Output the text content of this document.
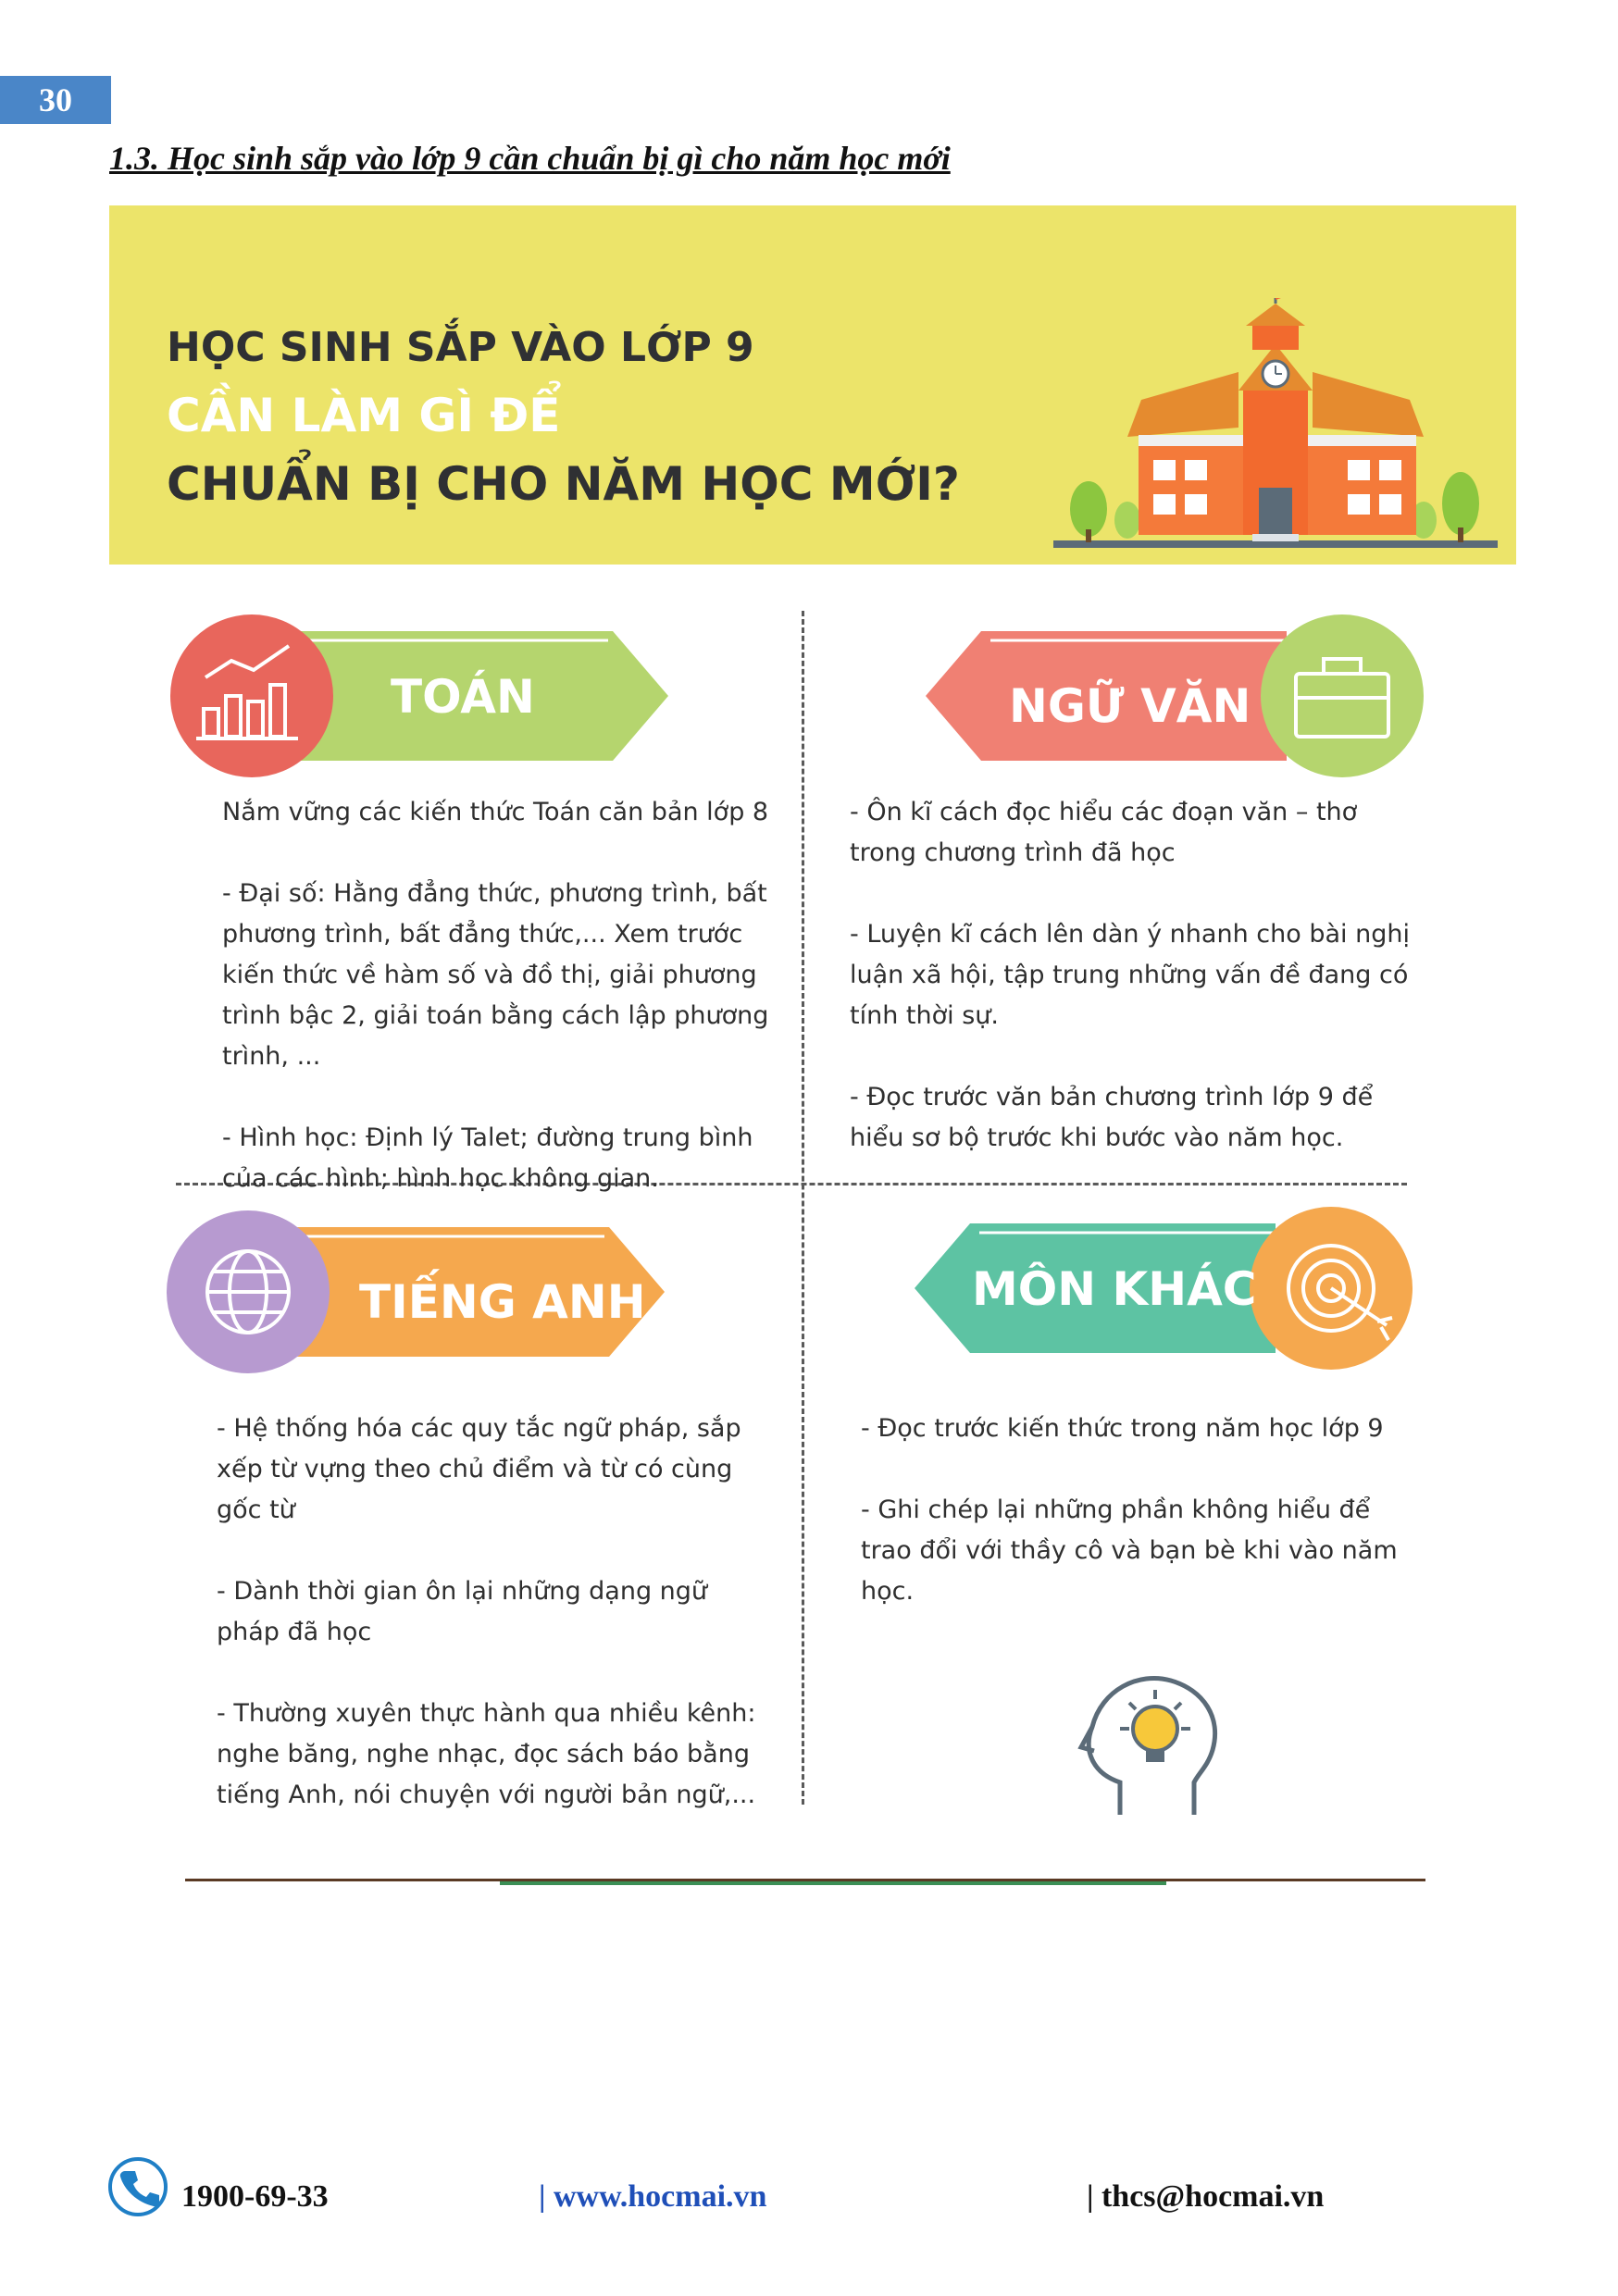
30
1.3. Học sinh sắp vào lớp 9 cần chuẩn bị gì cho năm học mới
HỌC SINH SẮP VÀO LỚP 9
CẦN LÀM GÌ ĐỂ
CHUẨN BỊ CHO NĂM HỌC MỚI?
TOÁN	NGỮ VĂN
TIẾNG ANH	MÔN KHÁC

Nắm vững các kiến thức Toán căn bản lớp 8

- Đại số: Hằng đẳng thức, phương trình, bất phương trình, bất đẳng thức,... Xem trước kiến thức về hàm số và đồ thị, giải phương trình bậc 2, giải toán bằng cách lập phương trình, ...

- Hình học: Định lý Talet; đường trung bình của các hình; hình học không gian.

- Ôn kĩ cách đọc hiểu các đoạn văn – thơ trong chương trình đã học

- Luyện kĩ cách lên dàn ý nhanh cho bài nghị luận xã hội, tập trung những vấn đề đang có tính thời sự.

- Đọc trước văn bản chương trình lớp 9 để hiểu sơ bộ trước khi bước vào năm học.

- Hệ thống hóa các quy tắc ngữ pháp, sắp xếp từ vựng theo chủ điểm và từ có cùng gốc từ

- Dành thời gian ôn lại những dạng ngữ pháp đã học

- Thường xuyên thực hành qua nhiều kênh: nghe băng, nghe nhạc, đọc sách báo bằng tiếng Anh, nói chuyện với người bản ngữ,...

- Đọc trước kiến thức trong năm học lớp 9

- Ghi chép lại những phần không hiểu để trao đổi với thầy cô và bạn bè khi vào năm học.

1900-69-33	| www.hocmai.vn	| thcs@hocmai.vn
